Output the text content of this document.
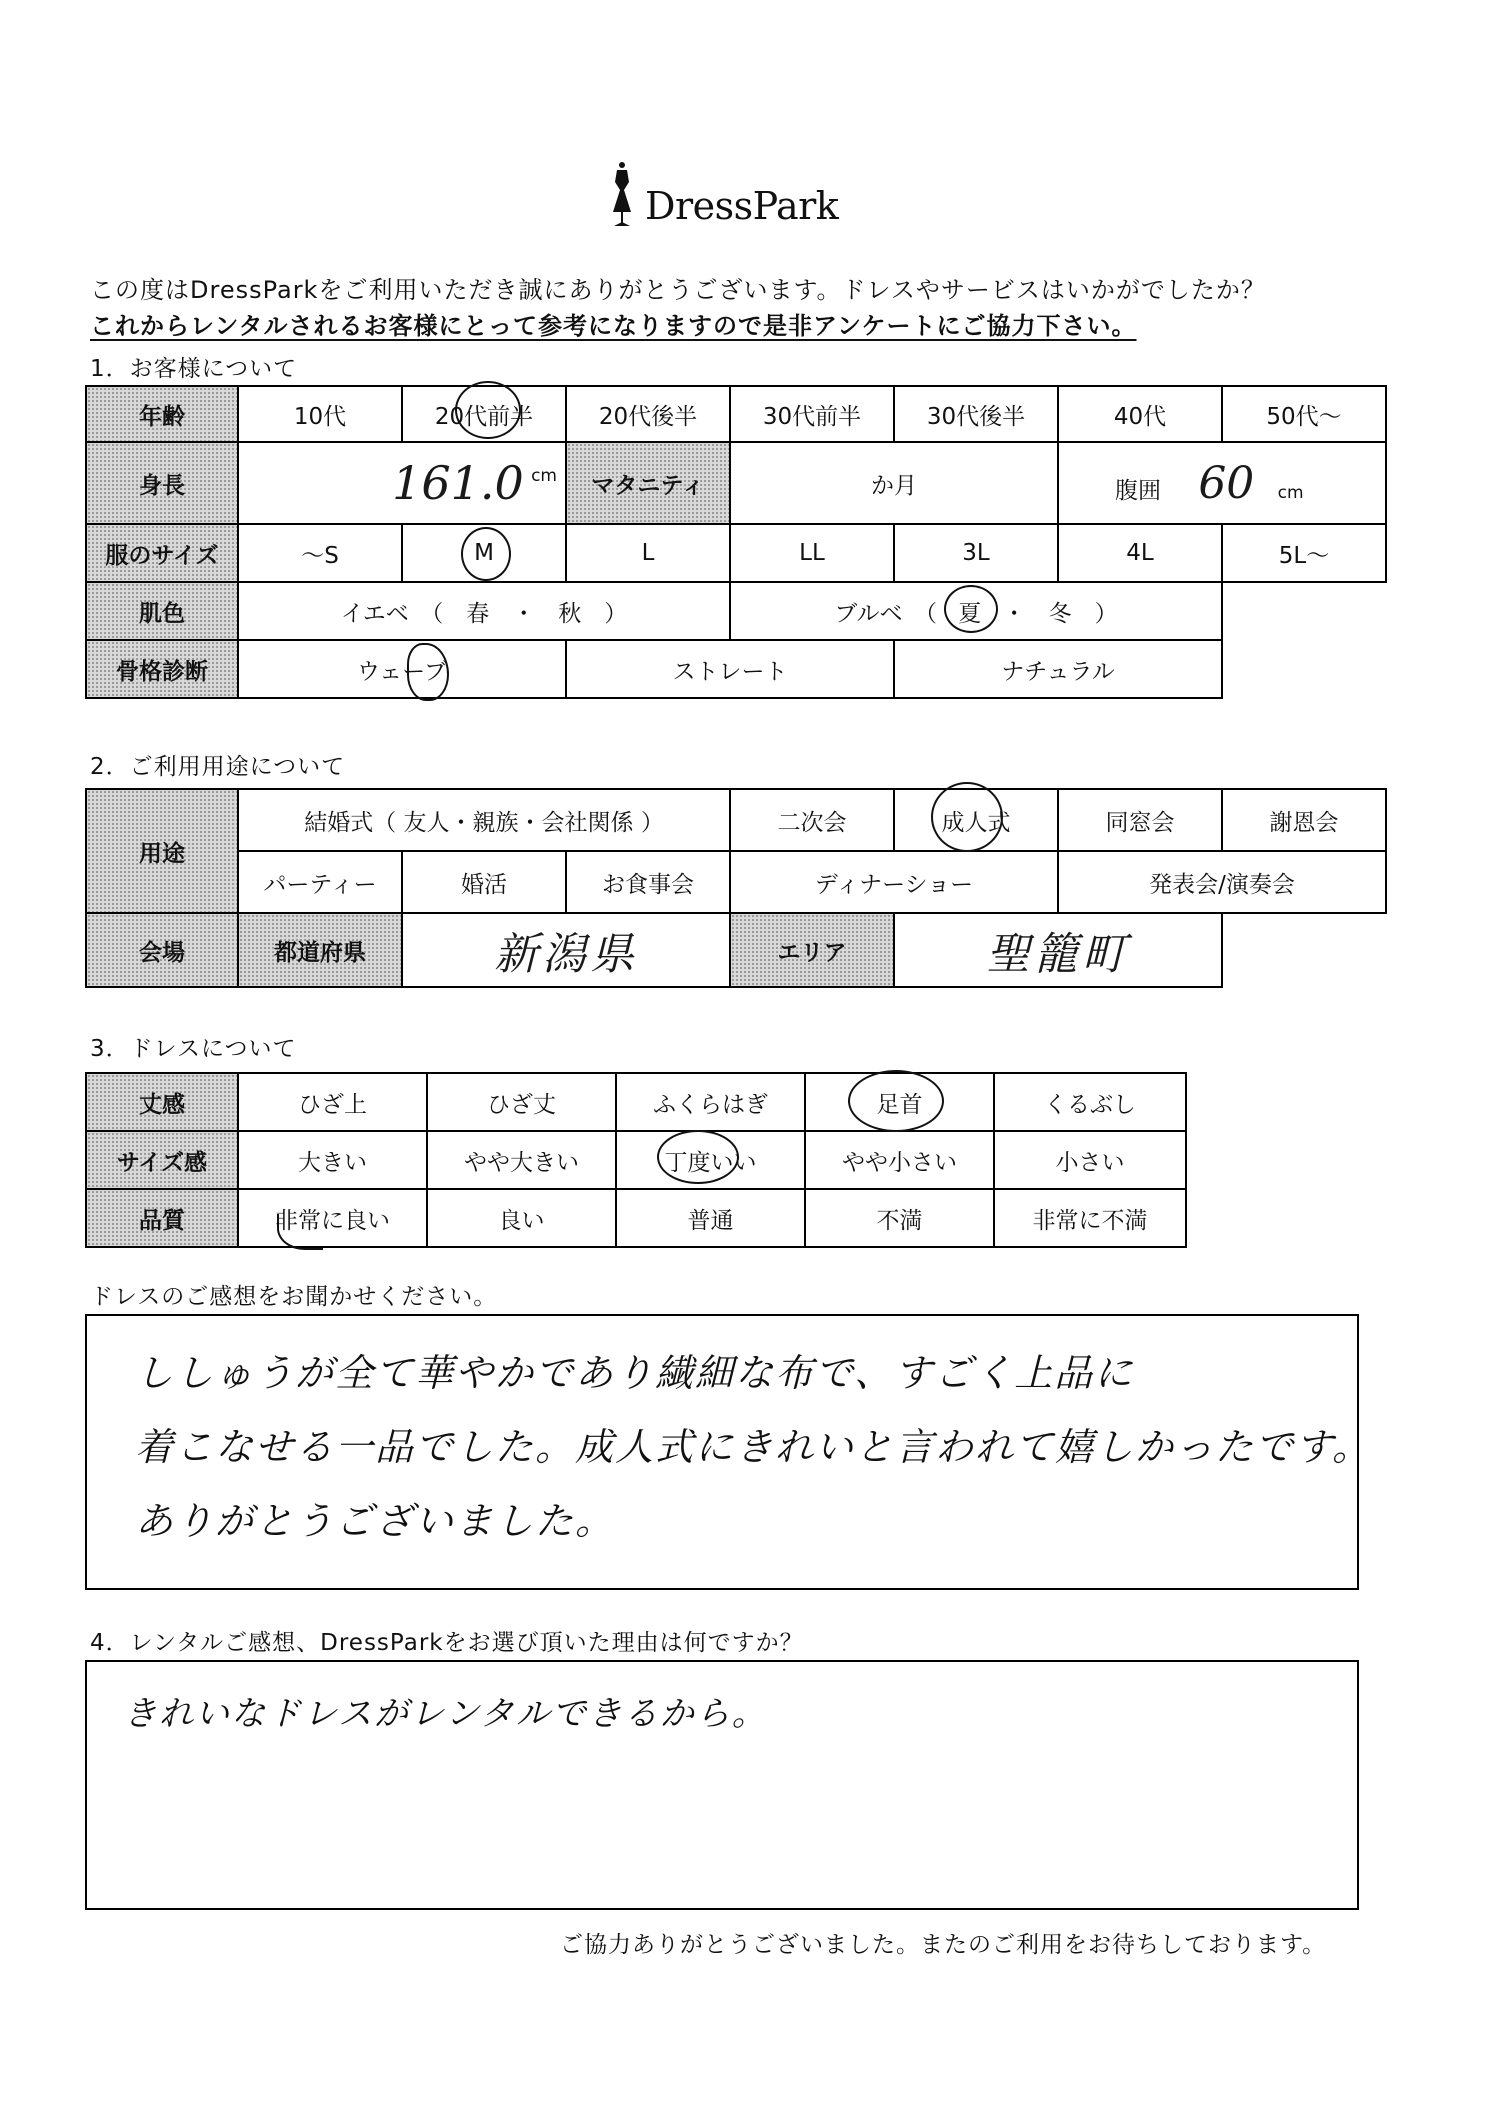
DressPark
この度はDressParkをご利用いただき誠にありがとうございます。ドレスやサービスはいかがでしたか？
これからレンタルされるお客様にとって参考になりますので是非アンケートにご協力下さい。
1．お客様について
年齢	10代	20代前半	20代後半	30代前半	30代後半	40代	50代～
身長	161.0 $^{cm}$		マタニティ	か月		腹囲 60 cm	
服のサイズ	～S	M	L	LL	3L	4L	5L～
肌色	イエベ　（　春　・　秋　）			ブルベ　（ 夏 ・　冬　）			
骨格診断	ウェーブ		ストレート		ナチュラル		
2．ご利用用途について
用途	結婚式（ 友人・親族・会社関係 ）			二次会	成人式	同窓会	謝恩会
	パーティー	婚活	お食事会	ディナーショー		発表会/演奏会	
会場	都道府県	新潟県		エリア	聖籠町		
3．ドレスについて
丈感	ひざ上	ひざ丈	ふくらはぎ	足首	くるぶし
サイズ感	大きい	やや大きい	丁度いい	やや小さい	小さい
品質	非常に良い	良い	普通	不満	非常に不満
ドレスのご感想をお聞かせください。
ししゅうが全て華やかであり繊細な布で、すごく上品に
着こなせる一品でした。成人式にきれいと言われて嬉しかったです。
ありがとうございました。
4．レンタルご感想、DressParkをお選び頂いた理由は何ですか？
きれいなドレスがレンタルできるから。
ご協力ありがとうございました。またのご利用をお待ちしております。
